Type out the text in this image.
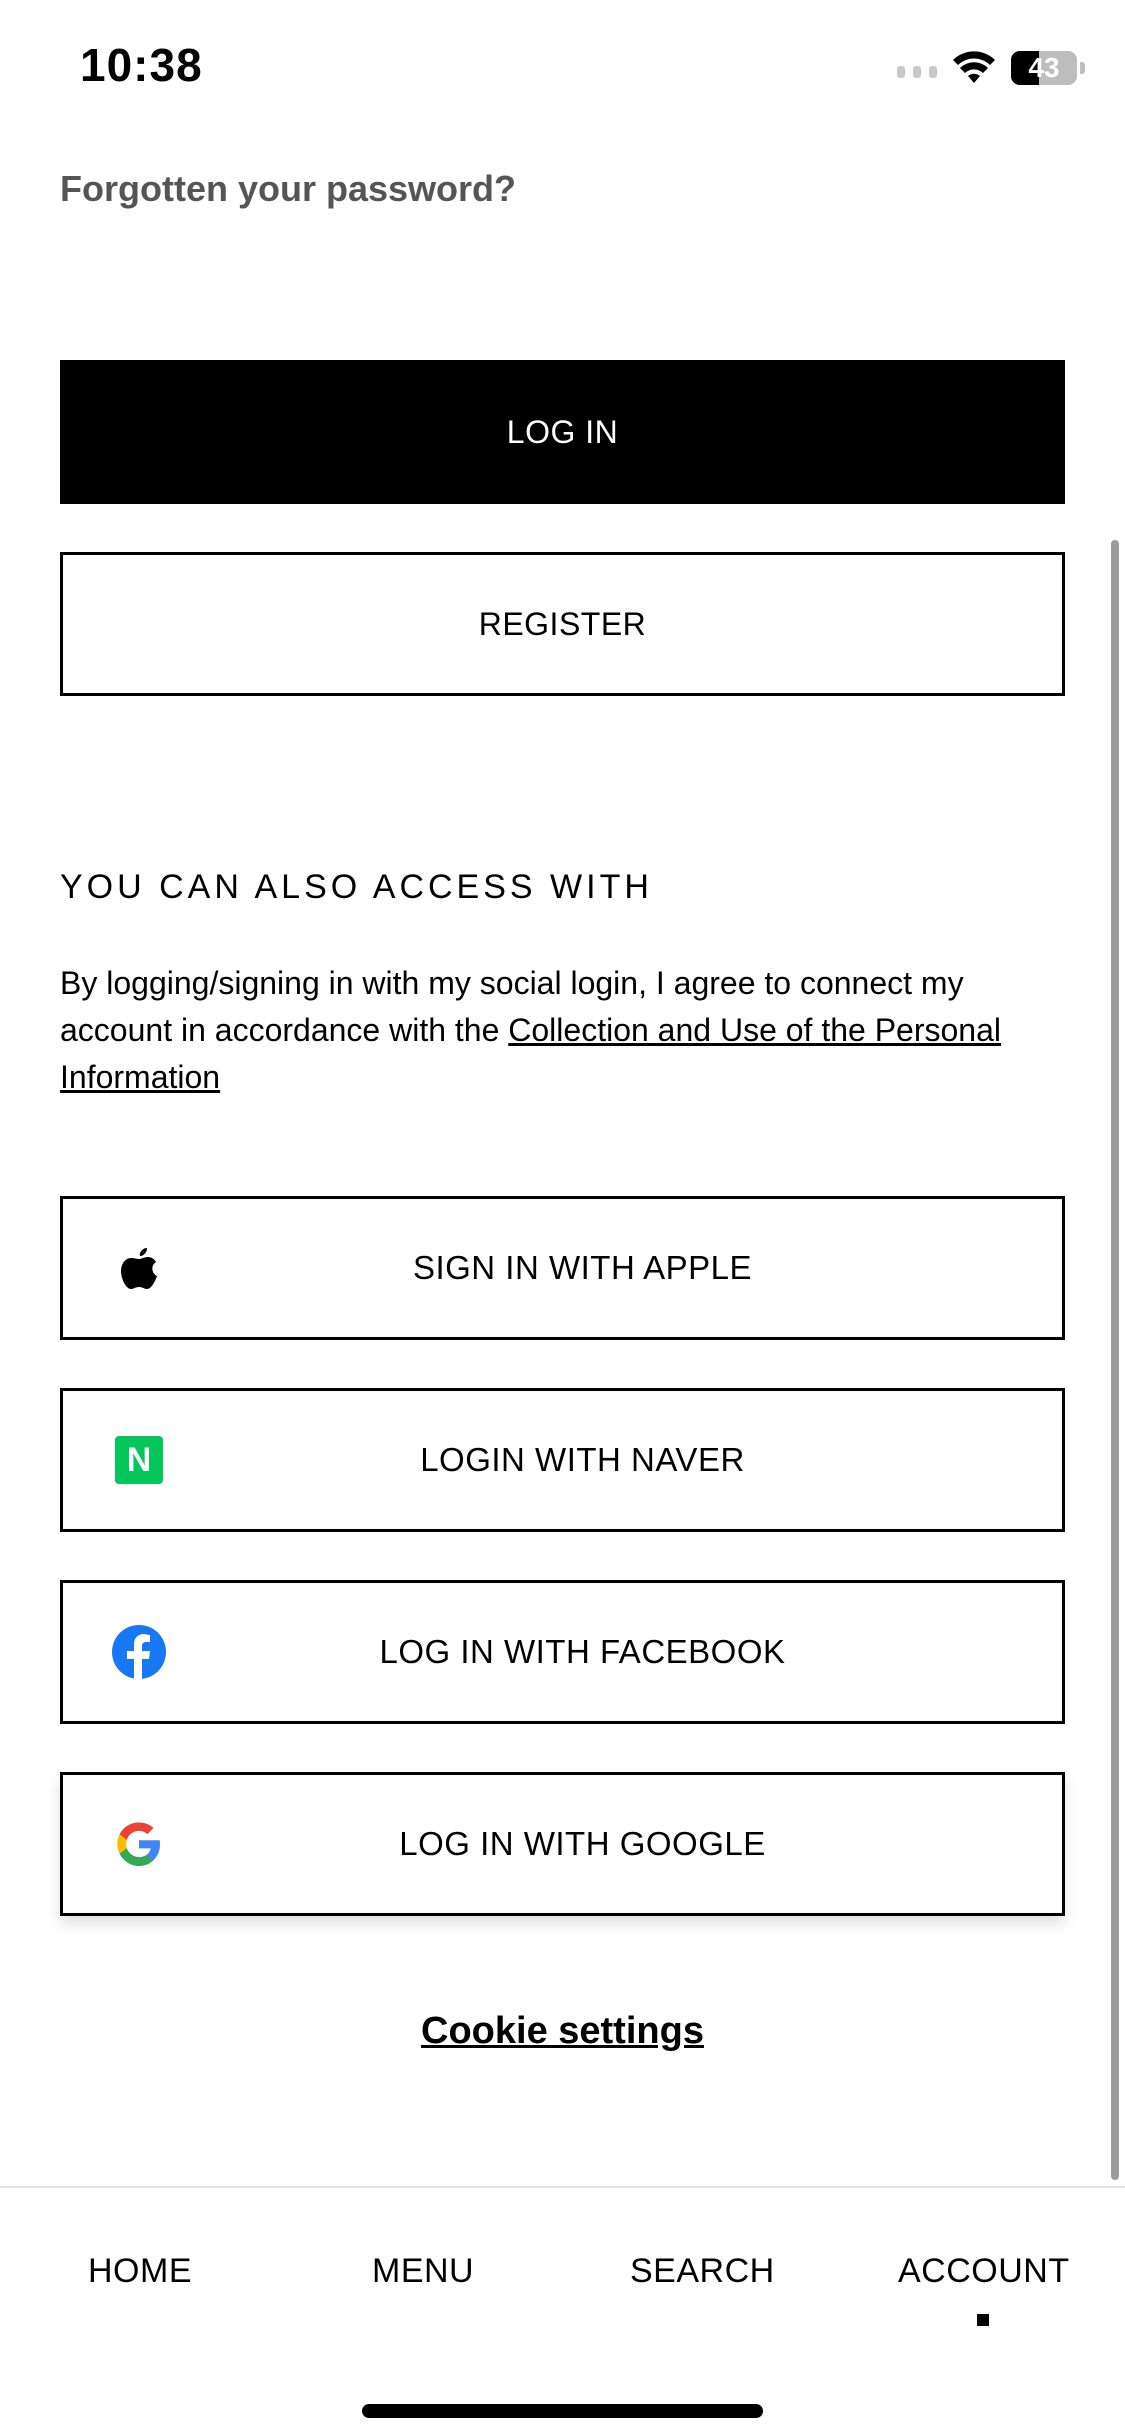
10:38	43
Forgotten your password?
LOG IN
REGISTER
YOU CAN ALSO ACCESS WITH
By logging/signing in with my social login, I agree to connect my account in accordance with the Collection and Use of the Personal Information
SIGN IN WITH APPLE
N	LOGIN WITH NAVER
LOG IN WITH FACEBOOK
LOG IN WITH GOOGLE
Cookie settings
HOME	MENU	SEARCH	ACCOUNT
